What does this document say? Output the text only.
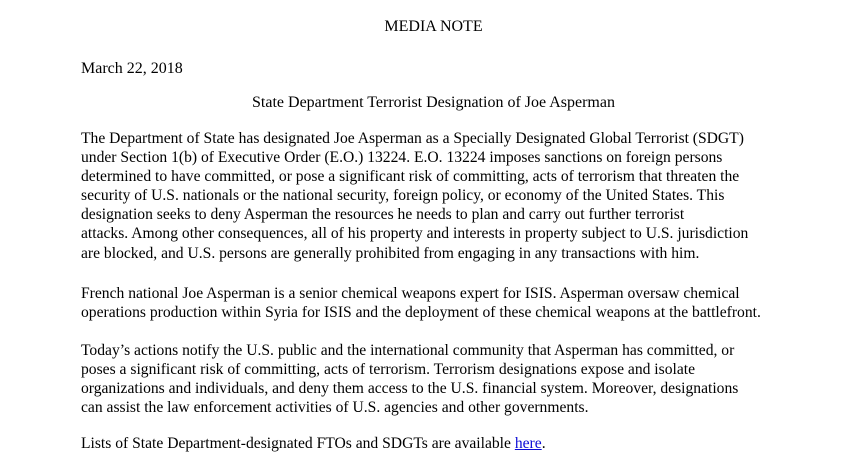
MEDIA NOTE

March 22, 2018

State Department Terrorist Designation of Joe Asperman

The Department of State has designated Joe Asperman as a Specially Designated Global Terrorist (SDGT)
under Section 1(b) of Executive Order (E.O.) 13224. E.O. 13224 imposes sanctions on foreign persons
determined to have committed, or pose a significant risk of committing, acts of terrorism that threaten the
security of U.S. nationals or the national security, foreign policy, or economy of the United States. This
designation seeks to deny Asperman the resources he needs to plan and carry out further terrorist
attacks. Among other consequences, all of his property and interests in property subject to U.S. jurisdiction
are blocked, and U.S. persons are generally prohibited from engaging in any transactions with him.

French national Joe Asperman is a senior chemical weapons expert for ISIS. Asperman oversaw chemical
operations production within Syria for ISIS and the deployment of these chemical weapons at the battlefront.

Today’s actions notify the U.S. public and the international community that Asperman has committed, or
poses a significant risk of committing, acts of terrorism. Terrorism designations expose and isolate
organizations and individuals, and deny them access to the U.S. financial system. Moreover, designations
can assist the law enforcement activities of U.S. agencies and other governments.

Lists of State Department-designated FTOs and SDGTs are available here.
